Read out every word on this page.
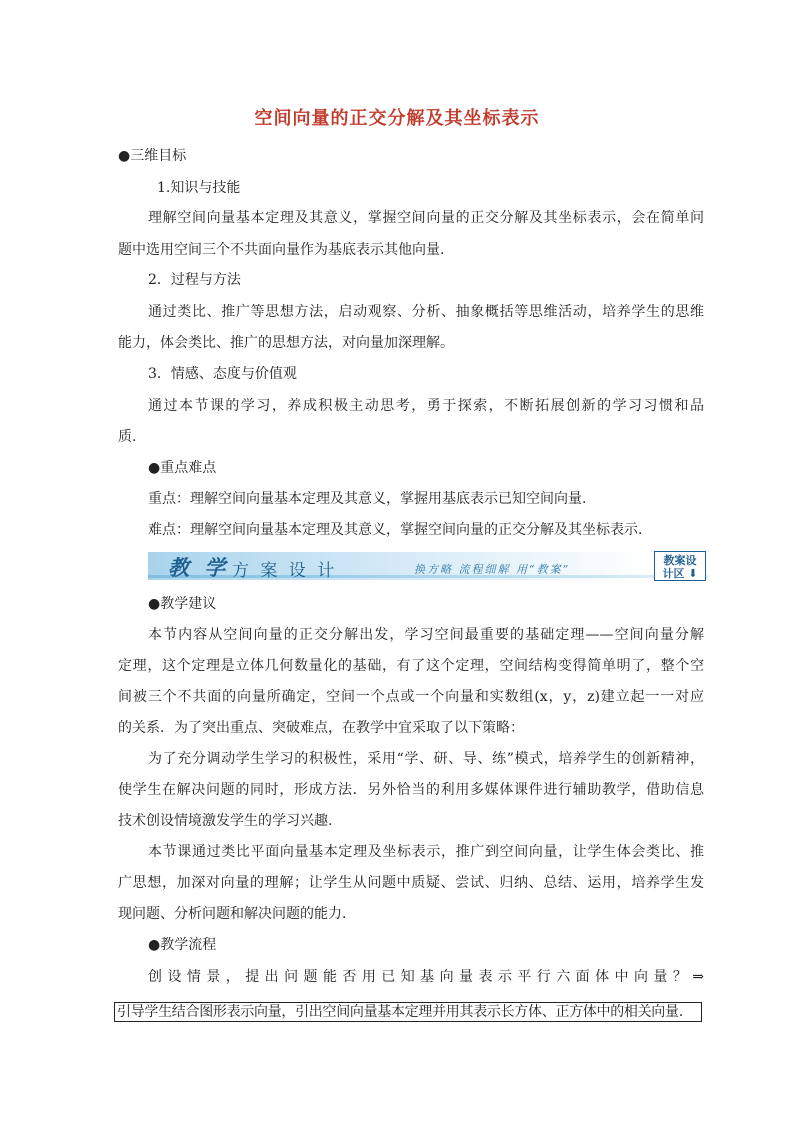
空间向量的正交分解及其坐标表示
●三维目标
1.知识与技能
理解空间向量基本定理及其意义，掌握空间向量的正交分解及其坐标表示，会在简单问
题中选用空间三个不共面向量作为基底表示其他向量.
2．过程与方法
通过类比、推广等思想方法，启动观察、分析、抽象概括等思维活动，培养学生的思维
能力，体会类比、推广的思想方法，对向量加深理解。
3．情感、态度与价值观
通过本节课的学习，养成积极主动思考，勇于探索，不断拓展创新的学习习惯和品
质.
●重点难点
重点：理解空间向量基本定理及其意义，掌握用基底表示已知空间向量.
难点：理解空间向量基本定理及其意义，掌握空间向量的正交分解及其坐标表示.
教 学 方 案 设 计	换方略 流程细解 用“教案”
教案设
计区 ⬇
●教学建议
本节内容从空间向量的正交分解出发，学习空间最重要的基础定理——空间向量分解
定理，这个定理是立体几何数量化的基础，有了这个定理，空间结构变得简单明了，整个空
间被三个不共面的向量所确定，空间一个点或一个向量和实数组(x，y，z)建立起一一对应
的关系．为了突出重点、突破难点，在教学中宜采取了以下策略：
为了充分调动学生学习的积极性，采用“学、研、导、练”模式，培养学生的创新精神，
使学生在解决问题的同时，形成方法．另外恰当的利用多媒体课件进行辅助教学，借助信息
技术创设情境激发学生的学习兴趣.
本节课通过类比平面向量基本定理及坐标表示，推广到空间向量，让学生体会类比、推
广思想，加深对向量的理解；让学生从问题中质疑、尝试、归纳、总结、运用，培养学生发
现问题、分析问题和解决问题的能力.
●教学流程
创设情景，提出问题能否用已知基向量表示平行六面体中向量？⇒
引导学生结合图形表示向量，引出空间向量基本定理并用其表示长方体、正方体中的相关向量.
